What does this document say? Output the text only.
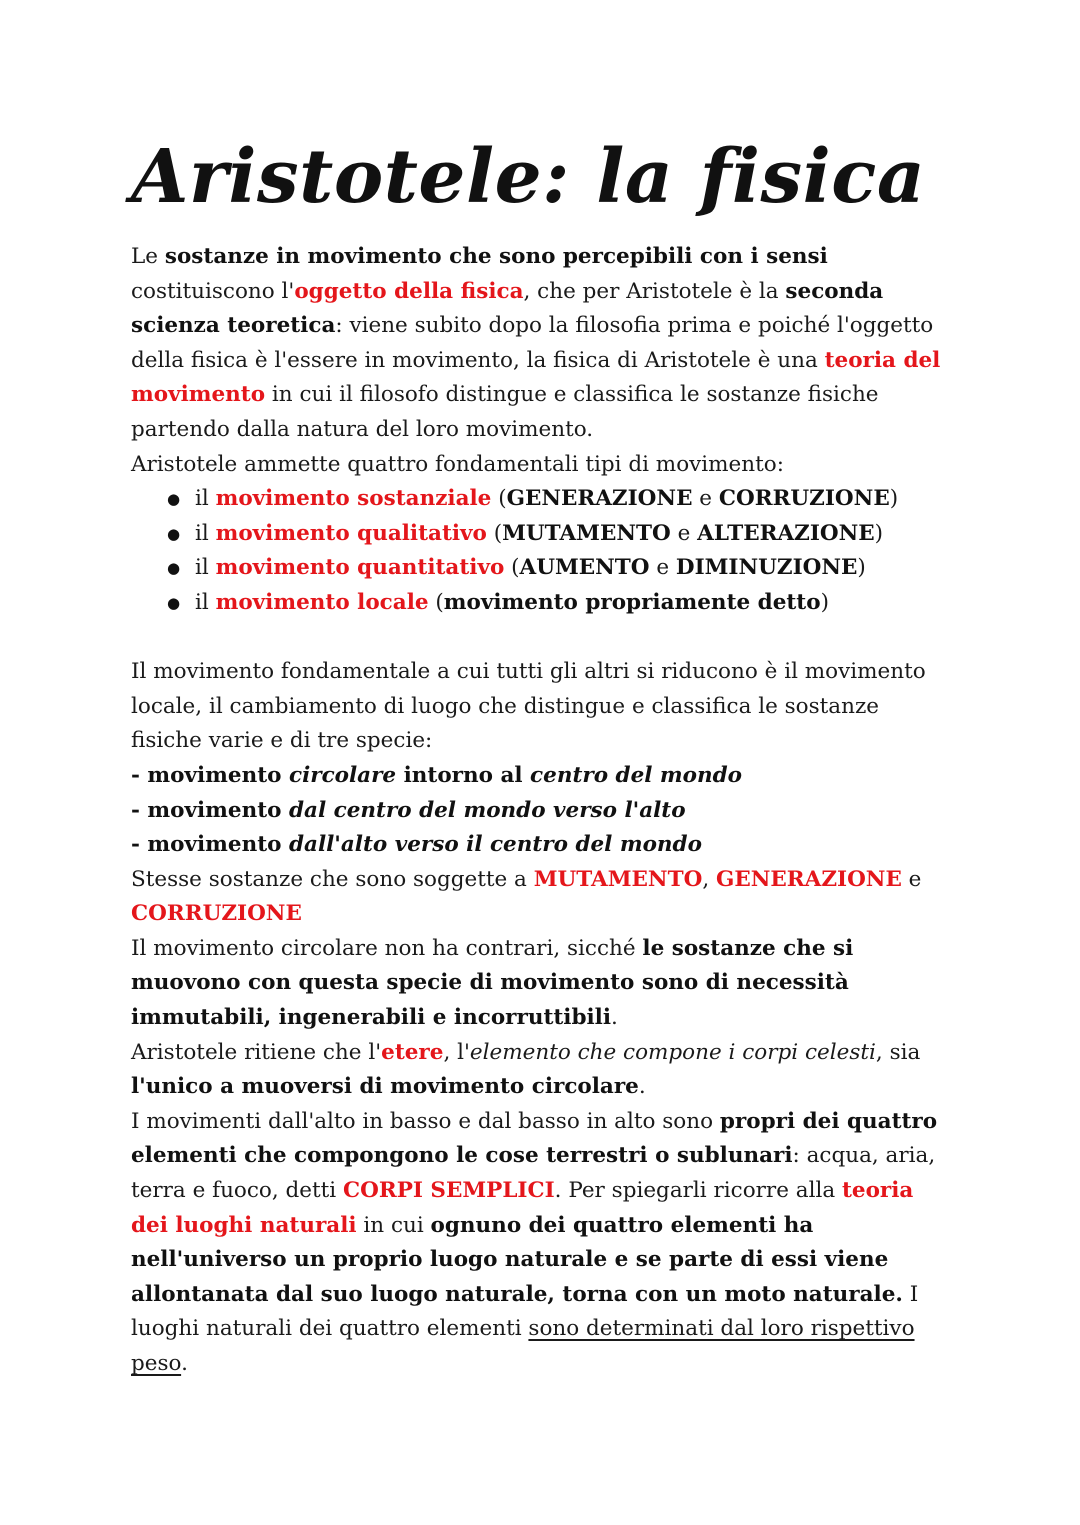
Aristotele: la fisica

Le sostanze in movimento che sono percepibili con i sensi costituiscono l'oggetto della fisica, che per Aristotele è la seconda scienza teoretica: viene subito dopo la filosofia prima e poiché l'oggetto della fisica è l'essere in movimento, la fisica di Aristotele è una teoria del movimento in cui il filosofo distingue e classifica le sostanze fisiche partendo dalla natura del loro movimento.

Aristotele ammette quattro fondamentali tipi di movimento:

● il movimento sostanziale (GENERAZIONE e CORRUZIONE)
● il movimento qualitativo (MUTAMENTO e ALTERAZIONE)
● il movimento quantitativo (AUMENTO e DIMINUZIONE)
● il movimento locale (movimento propriamente detto)

Il movimento fondamentale a cui tutti gli altri si riducono è il movimento locale, il cambiamento di luogo che distingue e classifica le sostanze fisiche varie e di tre specie:

- movimento circolare intorno al centro del mondo

- movimento dal centro del mondo verso l'alto

- movimento dall'alto verso il centro del mondo

Stesse sostanze che sono soggette a MUTAMENTO, GENERAZIONE e
CORRUZIONE

Il movimento circolare non ha contrari, sicché le sostanze che si muovono con questa specie di movimento sono di necessità immutabili, ingenerabili e incorruttibili.

Aristotele ritiene che l'etere, l'elemento che compone i corpi celesti, sia l'unico a muoversi di movimento circolare.

I movimenti dall'alto in basso e dal basso in alto sono propri dei quattro elementi che compongono le cose terrestri o sublunari: acqua, aria, terra e fuoco, detti CORPI SEMPLICI. Per spiegarli ricorre alla teoria dei luoghi naturali in cui ognuno dei quattro elementi ha nell'universo un proprio luogo naturale e se parte di essi viene allontanata dal suo luogo naturale, torna con un moto naturale. I luoghi naturali dei quattro elementi sono determinati dal loro rispettivo peso.
